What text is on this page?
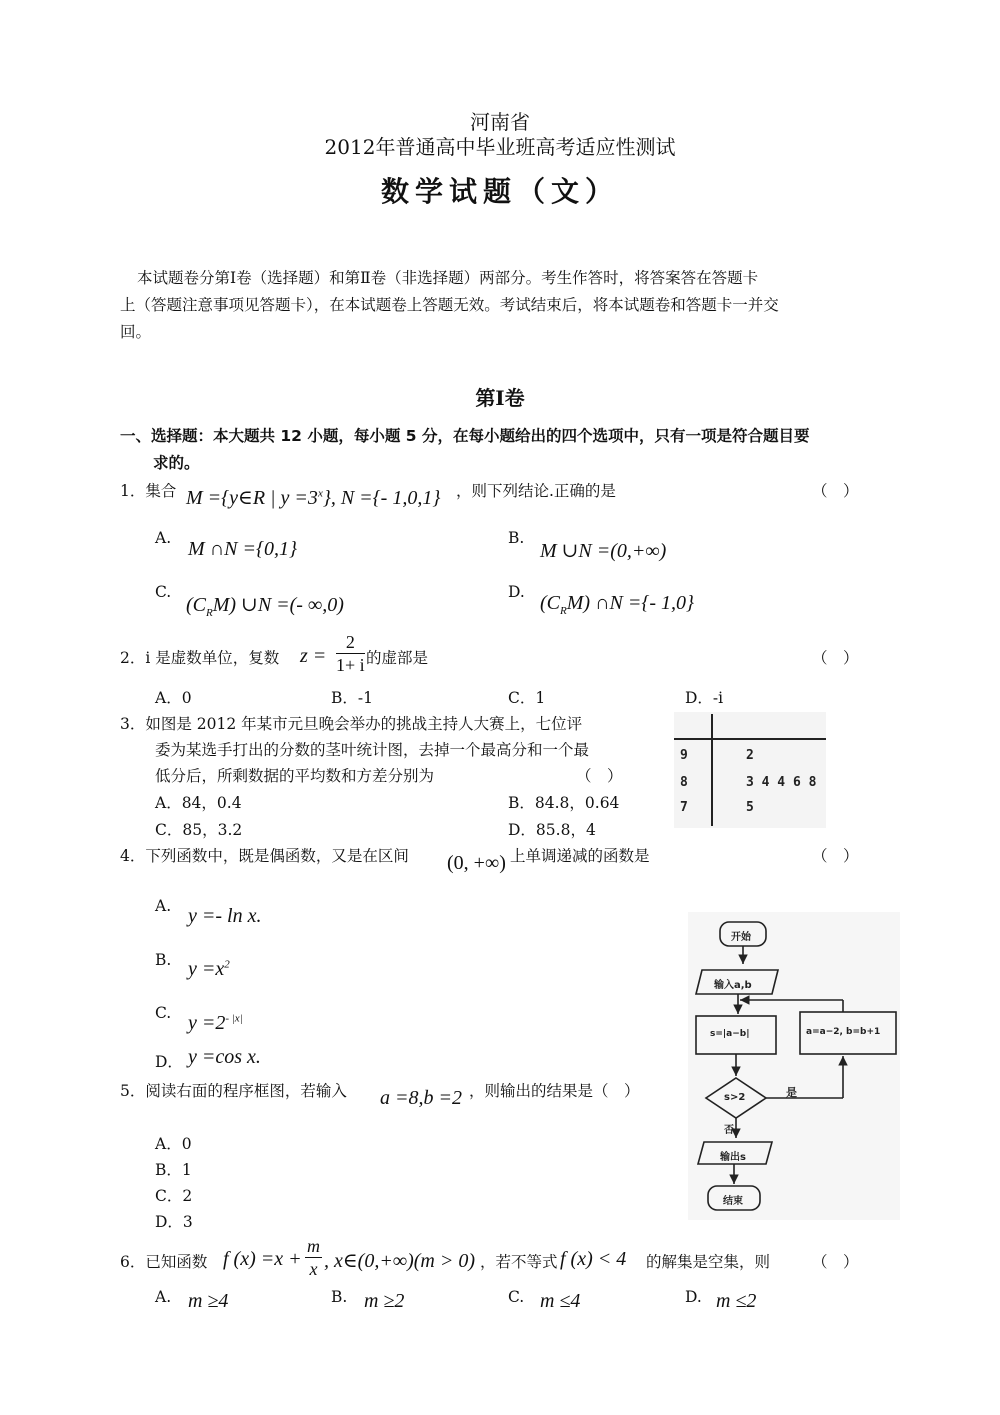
河南省
2012年普通高中毕业班高考适应性测试
数学试题（文）
本试题卷分第Ⅰ卷（选择题）和第Ⅱ卷（非选择题）两部分。考生作答时，将答案答在答题卡
上（答题注意事项见答题卡），在本试题卷上答题无效。考试结束后，将本试题卷和答题卡一并交
回。
第Ⅰ卷
一、选择题：本大题共 12 小题，每小题 5 分，在每小题给出的四个选项中，只有一项是符合题目要
求的。
1．集合 M ={y∈R | $y =3^x$}, N ={- 1,0,1} ，则下列结论.正确的是	（　）
A. M ∩N ={0,1}	B.
M ∪N =(0,+∞)
C.
$(C_RM)$ ∪N =(- ∞,0)
D. $(C_RM)$ ∩N ={- 1,0}
2．i 是虚数单位，复数 $z = \frac{2}{1+ i}$ 的虚部是	（　）
A．0	B．-1	C．1	D．-i
3．如图是 2012 年某市元旦晚会举办的挑战主持人大赛上，七位评
委为某选手打出的分数的茎叶统计图，去掉一个最高分和一个最
低分后，所剩数据的平均数和方差分别为	（　）
A．84，0.4	B．84.8，0.64
C．85，3.2	D．85.8，4
9	2
8	3 4 4 6 8
7	5
4．下列函数中，既是偶函数，又是在区间 (0, +∞) 上单调递减的函数是	（　）
A. y =- ln x.
B. $y =x^2$
C. $y =2^{- |x|}$
D． y =cos x.
5．阅读右面的程序框图，若输入 a =8,b =2 ，则输出的结果是（　）
A．0
B．1
C．2
D．3
开始
输入a,b
s=|a−b|	a=a−2, b=b+1
s>2	是
否
输出s
结束
6．已知函数 f $(x) =x + \frac{m}{x}$ , x∈(0,+∞)(m > 0) ，若不等式 f (x) < 4 的解集是空集，则	（　）
A. m ≥4	B. m ≥2	C. m ≤4	D. m ≤2
